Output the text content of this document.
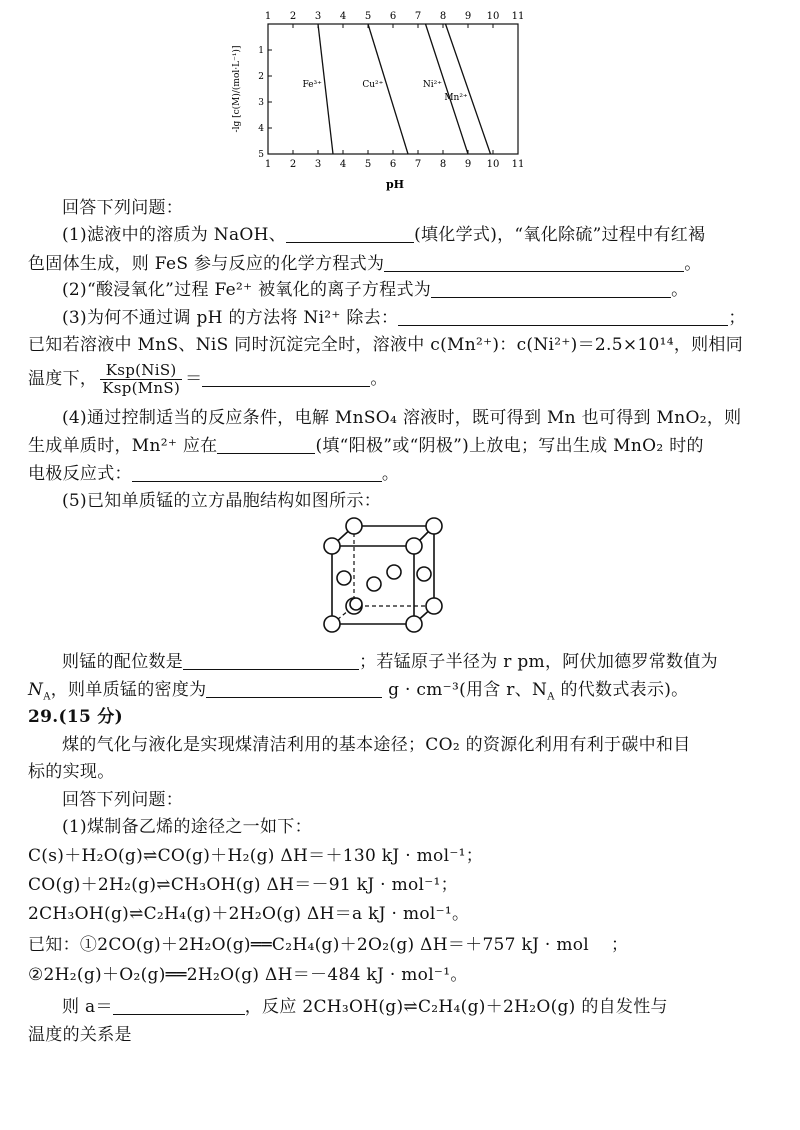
1 2 3 4 5 6 7 8 9 10 11
1 2 3 4 5 6 7 8 9 10 11
1
2
3
4
5
Fe³⁺	Cu²⁺	Ni²⁺
Mn²⁺
-lg [c(M)/(mol·L⁻¹)]
pH
回答下列问题：
(1)滤液中的溶质为 NaOH、	(填化学式)，“氧化除硫”过程中有红褐
色固体生成，则 FeS 参与反应的化学方程式为	。
(2)“酸浸氧化”过程 Fe²⁺ 被氧化的离子方程式为	。
(3)为何不通过调 pH 的方法将 Ni²⁺ 除去：	；
已知若溶液中 MnS、NiS 同时沉淀完全时，溶液中 c(Mn²⁺)：c(Ni²⁺)＝2.5×10¹⁴，则相同
温度下， $\frac{\text{Ksp(NiS)}}{\text{Ksp(MnS)}}$ ＝	。
(4)通过控制适当的反应条件，电解 MnSO₄ 溶液时，既可得到 Mn 也可得到 MnO₂，则
生成单质时，Mn²⁺ 应在	(填“阳极”或“阴极”)上放电；写出生成 MnO₂ 时的
电极反应式：	。
(5)已知单质锰的立方晶胞结构如图所示：
则锰的配位数是	；若锰原子半径为 r pm，阿伏加德罗常数值为
$N_A$，则单质锰的密度为	g · cm⁻³(用含 r、$N_A$ 的代数式表示)。
29.(15 分)
煤的气化与液化是实现煤清洁利用的基本途径；CO₂ 的资源化利用有利于碳中和目
标的实现。
回答下列问题：
(1)煤制备乙烯的途径之一如下：
C(s)＋H₂O(g)⇌CO(g)＋H₂(g) ΔH＝＋130 kJ · mol⁻¹；
CO(g)＋2H₂(g)⇌CH₃OH(g) ΔH＝－91 kJ · mol⁻¹；
2CH₃OH(g)⇌C₂H₄(g)＋2H₂O(g) ΔH＝a kJ · mol⁻¹。
已知：①2CO(g)＋2H₂O(g)══C₂H₄(g)＋2O₂(g) ΔH＝＋757 kJ · mol ；
②2H₂(g)＋O₂(g)══2H₂O(g) ΔH＝－484 kJ · mol⁻¹。
则 a＝	，反应 2CH₃OH(g)⇌C₂H₄(g)＋2H₂O(g) 的自发性与
温度的关系是
